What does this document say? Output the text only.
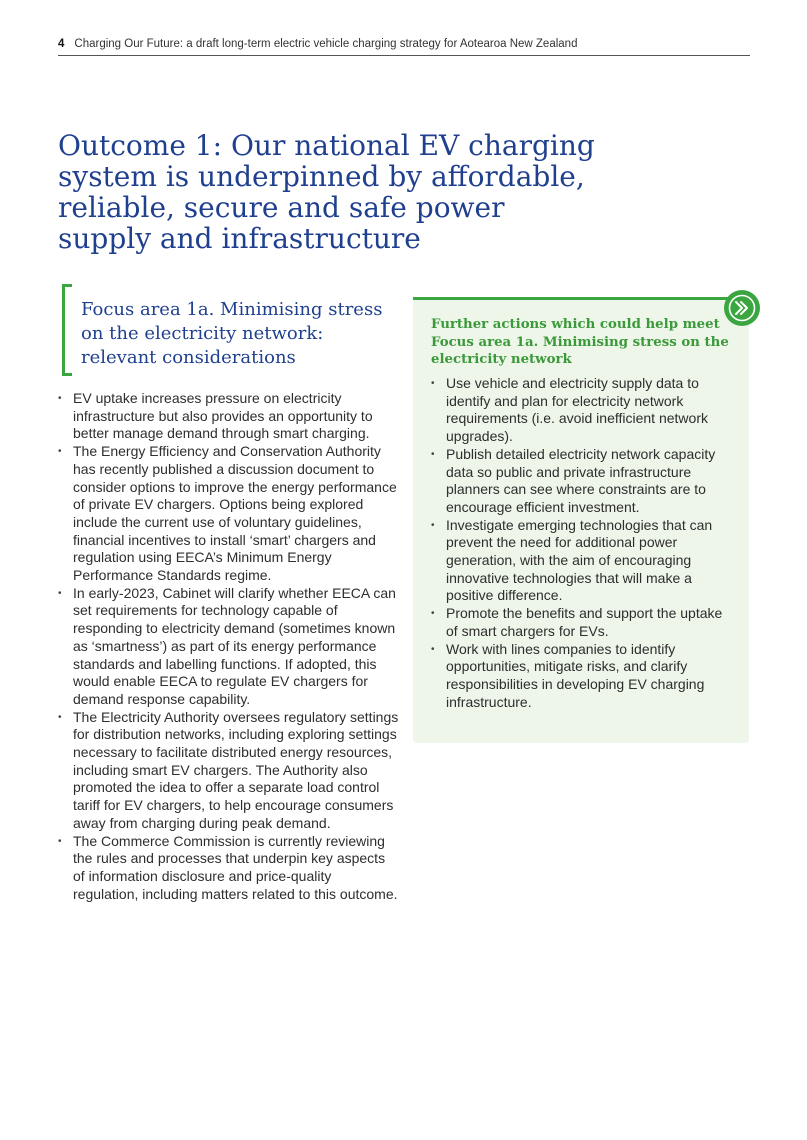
4 Charging Our Future: a draft long-term electric vehicle charging strategy for Aotearoa New Zealand
Outcome 1: Our national EV charging system is underpinned by affordable, reliable, secure and safe power supply and infrastructure
Focus area 1a. Minimising stress on the electricity network: relevant considerations
• EV uptake increases pressure on electricity infrastructure but also provides an opportunity to better manage demand through smart charging.
• The Energy Efficiency and Conservation Authority has recently published a discussion document to consider options to improve the energy performance of private EV chargers. Options being explored include the current use of voluntary guidelines, financial incentives to install ‘smart’ chargers and regulation using EECA’s Minimum Energy Performance Standards regime.
• In early-2023, Cabinet will clarify whether EECA can set requirements for technology capable of responding to electricity demand (sometimes known as ‘smartness’) as part of its energy performance standards and labelling functions. If adopted, this would enable EECA to regulate EV chargers for demand response capability.
• The Electricity Authority oversees regulatory settings for distribution networks, including exploring settings necessary to facilitate distributed energy resources, including smart EV chargers. The Authority also promoted the idea to offer a separate load control tariff for EV chargers, to help encourage consumers away from charging during peak demand.
• The Commerce Commission is currently reviewing the rules and processes that underpin key aspects of information disclosure and price-quality regulation, including matters related to this outcome.
Further actions which could help meet Focus area 1a. Minimising stress on the electricity network
• Use vehicle and electricity supply data to identify and plan for electricity network requirements (i.e. avoid inefficient network upgrades).
• Publish detailed electricity network capacity data so public and private infrastructure planners can see where constraints are to encourage efficient investment.
• Investigate emerging technologies that can prevent the need for additional power generation, with the aim of encouraging innovative technologies that will make a positive difference.
• Promote the benefits and support the uptake of smart chargers for EVs.
• Work with lines companies to identify opportunities, mitigate risks, and clarify responsibilities in developing EV charging infrastructure.
